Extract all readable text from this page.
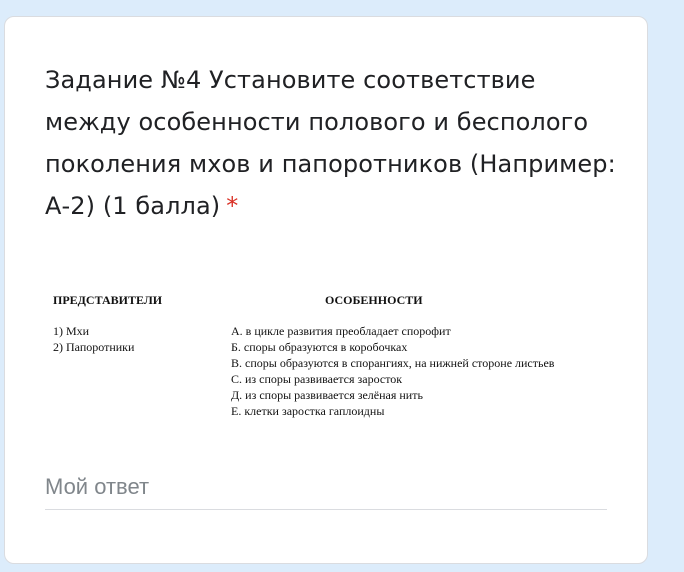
Задание №4 Установите соответствие между особенности полового и бесполого поколения мхов и папоротников (Например: А-2) (1 балла) *
ПРЕДСТАВИТЕЛИ	ОСОБЕННОСТИ
1) Мхи
2) Папоротники
А. в цикле развития преобладает спорофит
Б. споры образуются в коробочках
В. споры образуются в спорангиях, на нижней стороне листьев
С. из споры развивается заросток
Д. из споры развивается зелёная нить
Е. клетки заростка гаплоидны
Мой ответ
